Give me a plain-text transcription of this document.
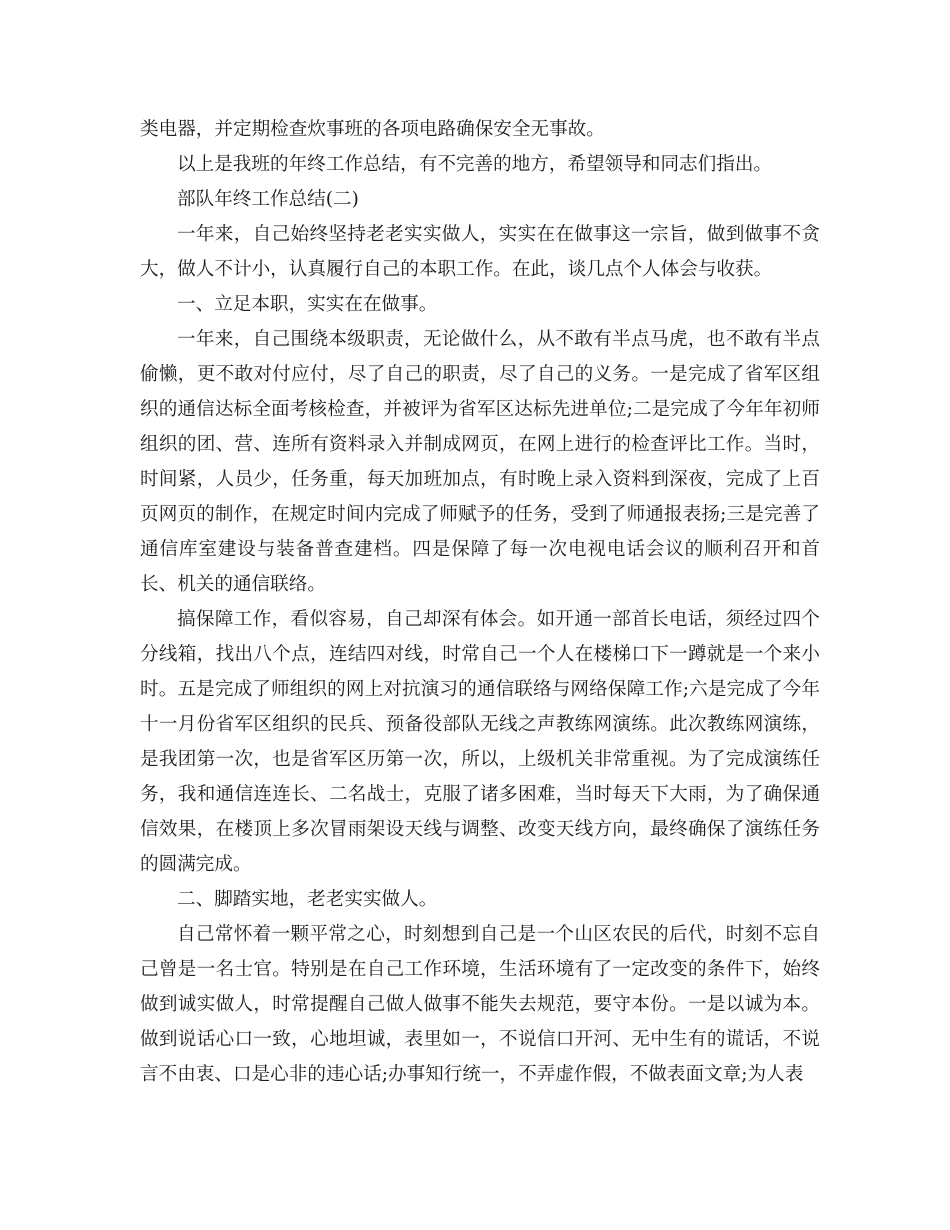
类电器，并定期检查炊事班的各项电路确保安全无事故。

以上是我班的年终工作总结，有不完善的地方，希望领导和同志们指出。

部队年终工作总结(二)

一年来，自己始终坚持老老实实做人，实实在在做事这一宗旨，做到做事不贪大，做人不计小，认真履行自己的本职工作。在此，谈几点个人体会与收获。

一、立足本职，实实在在做事。

一年来，自己围绕本级职责，无论做什么，从不敢有半点马虎，也不敢有半点偷懒，更不敢对付应付，尽了自己的职责，尽了自己的义务。一是完成了省军区组织的通信达标全面考核检查，并被评为省军区达标先进单位;二是完成了今年年初师组织的团、营、连所有资料录入并制成网页，在网上进行的检查评比工作。当时，时间紧，人员少，任务重，每天加班加点，有时晚上录入资料到深夜，完成了上百页网页的制作，在规定时间内完成了师赋予的任务，受到了师通报表扬;三是完善了通信库室建设与装备普查建档。四是保障了每一次电视电话会议的顺利召开和首长、机关的通信联络。

搞保障工作，看似容易，自己却深有体会。如开通一部首长电话，须经过四个分线箱，找出八个点，连结四对线，时常自己一个人在楼梯口下一蹲就是一个来小时。五是完成了师组织的网上对抗演习的通信联络与网络保障工作;六是完成了今年十一月份省军区组织的民兵、预备役部队无线之声教练网演练。此次教练网演练，是我团第一次，也是省军区历第一次，所以，上级机关非常重视。为了完成演练任务，我和通信连连长、二名战士，克服了诸多困难，当时每天下大雨，为了确保通信效果，在楼顶上多次冒雨架设天线与调整、改变天线方向，最终确保了演练任务的圆满完成。

二、脚踏实地，老老实实做人。

自己常怀着一颗平常之心，时刻想到自己是一个山区农民的后代，时刻不忘自己曾是一名士官。特别是在自己工作环境，生活环境有了一定改变的条件下，始终做到诚实做人，时常提醒自己做人做事不能失去规范，要守本份。一是以诚为本。做到说话心口一致，心地坦诚，表里如一，不说信口开河、无中生有的谎话，不说言不由衷、口是心非的违心话;办事知行统一，不弄虚作假，不做表面文章;为人表
